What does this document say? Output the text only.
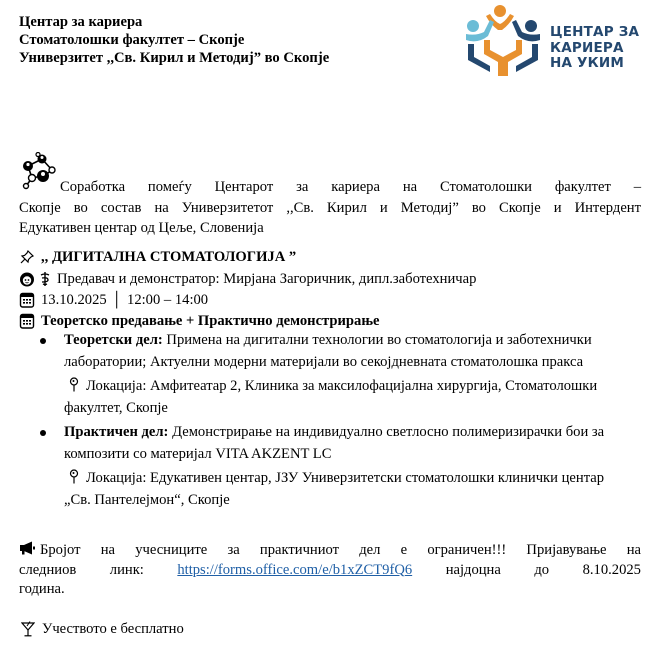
Центар за кариера
Стоматолошки факултет – Скопје
Универзитет ,,Св. Кирил и Методиј” во Скопје
ЦЕНТАР ЗА
КАРИЕРА
НА УКИМ
Соработка помеѓу Центарот за кариера на Стоматолошки факултет –
Скопје во состав на Универзитетот ,,Св. Кирил и Методиј” во Скопје и Интердент
Едукативен центар од Цеље, Словенија
,, ДИГИТАЛНА СТОМАТОЛОГИЈА ”
Предавач и демонстратор: Мирјана Загоричник, дипл.заботехничар
13.10.2025 │ 12:00 – 14:00
Теоретско предавање + Практично демонстрирање
Теоретски дел: Примена на дигитални технологии во стоматологија и заботехнички лаборатории; Актуелни модерни материјали во секојдневната стоматолошка пракса
Локација: Амфитеатар 2, Клиника за максилофацијална хирургија, Стоматолошки факултет, Скопје
Практичен дел: Демонстрирање на индивидуално светлосно полимеризирачки бои за композити со материјал VITA AKZENT LC
Локација: Едукативен центар, ЈЗУ Универзитетски стоматолошки клинички центар „Св. Пантелејмон“, Скопје
Бројот на учесниците за практичниот дел е ограничен!!! Пријавување на
следниов линк: https://forms.office.com/e/b1xZCT9fQ6 најдоцна до 8.10.2025
година.
Учеството е бесплатно
